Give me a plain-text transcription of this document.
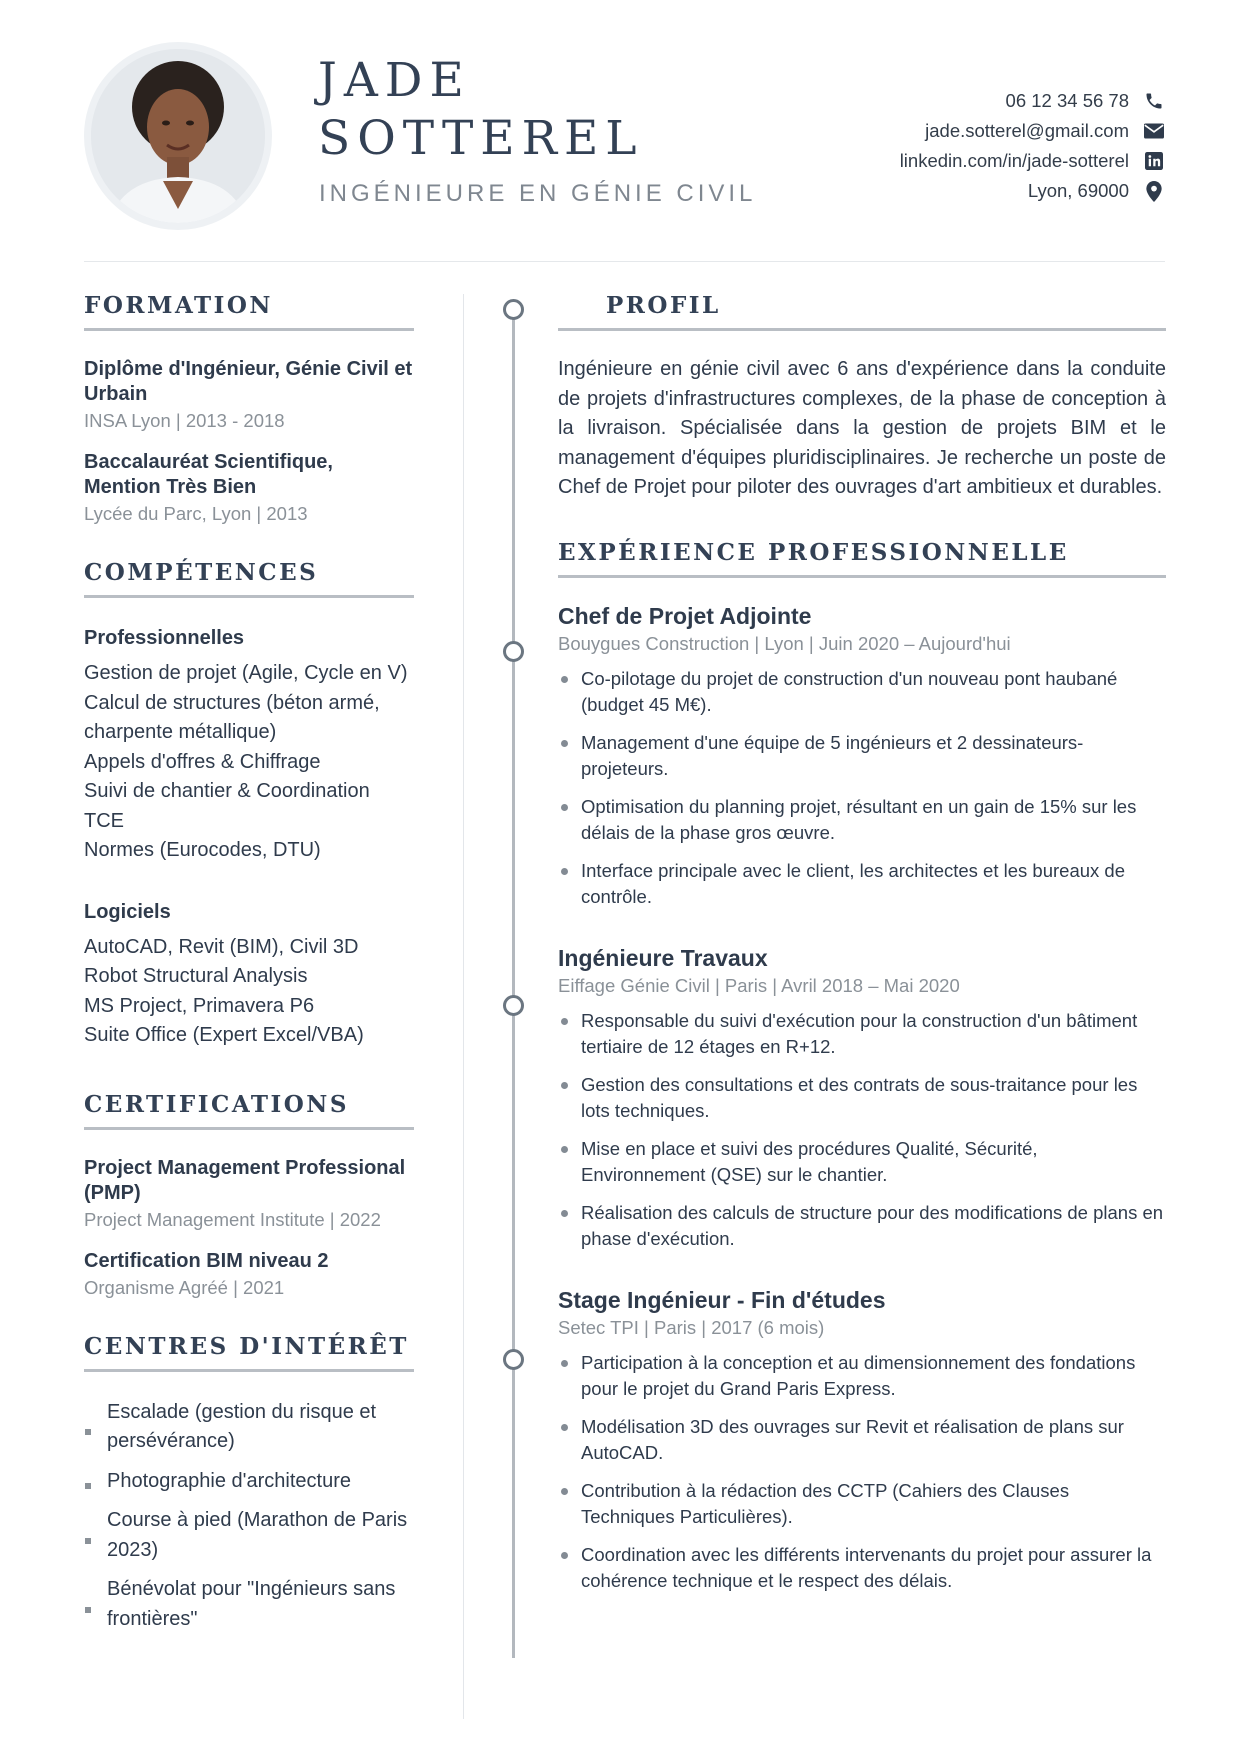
JADE
SOTTEREL
INGÉNIEURE EN GÉNIE CIVIL
06 12 34 56 78
jade.sotterel@gmail.com
linkedin.com/in/jade-sotterel
Lyon, 69000
FORMATION
Diplôme d'Ingénieur, Génie Civil et Urbain
INSA Lyon | 2013 - 2018
Baccalauréat Scientifique, Mention Très Bien
Lycée du Parc, Lyon | 2013
COMPÉTENCES
Professionnelles
Gestion de projet (Agile, Cycle en V)
Calcul de structures (béton armé, charpente métallique)
Appels d'offres & Chiffrage
Suivi de chantier & Coordination TCE
Normes (Eurocodes, DTU)
Logiciels
AutoCAD, Revit (BIM), Civil 3D
Robot Structural Analysis
MS Project, Primavera P6
Suite Office (Expert Excel/VBA)
CERTIFICATIONS
Project Management Professional (PMP)
Project Management Institute | 2022
Certification BIM niveau 2
Organisme Agréé | 2021
CENTRES D'INTÉRÊT
Escalade (gestion du risque et persévérance)
Photographie d'architecture
Course à pied (Marathon de Paris 2023)
Bénévolat pour "Ingénieurs sans frontières"
PROFIL

Ingénieure en génie civil avec 6 ans d'expérience dans la conduite de projets d'infrastructures complexes, de la phase de conception à la livraison. Spécialisée dans la gestion de projets BIM et le management d'équipes pluridisciplinaires. Je recherche un poste de Chef de Projet pour piloter des ouvrages d'art ambitieux et durables.

EXPÉRIENCE PROFESSIONNELLE
Chef de Projet Adjointe
Bouygues Construction | Lyon | Juin 2020 – Aujourd'hui
Co-pilotage du projet de construction d'un nouveau pont haubané (budget 45 M€).
Management d'une équipe de 5 ingénieurs et 2 dessinateurs-projeteurs.
Optimisation du planning projet, résultant en un gain de 15% sur les délais de la phase gros œuvre.
Interface principale avec le client, les architectes et les bureaux de contrôle.
Ingénieure Travaux
Eiffage Génie Civil | Paris | Avril 2018 – Mai 2020
Responsable du suivi d'exécution pour la construction d'un bâtiment tertiaire de 12 étages en R+12.
Gestion des consultations et des contrats de sous-traitance pour les lots techniques.
Mise en place et suivi des procédures Qualité, Sécurité, Environnement (QSE) sur le chantier.
Réalisation des calculs de structure pour des modifications de plans en phase d'exécution.
Stage Ingénieur - Fin d'études
Setec TPI | Paris | 2017 (6 mois)
Participation à la conception et au dimensionnement des fondations pour le projet du Grand Paris Express.
Modélisation 3D des ouvrages sur Revit et réalisation de plans sur AutoCAD.
Contribution à la rédaction des CCTP (Cahiers des Clauses Techniques Particulières).
Coordination avec les différents intervenants du projet pour assurer la cohérence technique et le respect des délais.
